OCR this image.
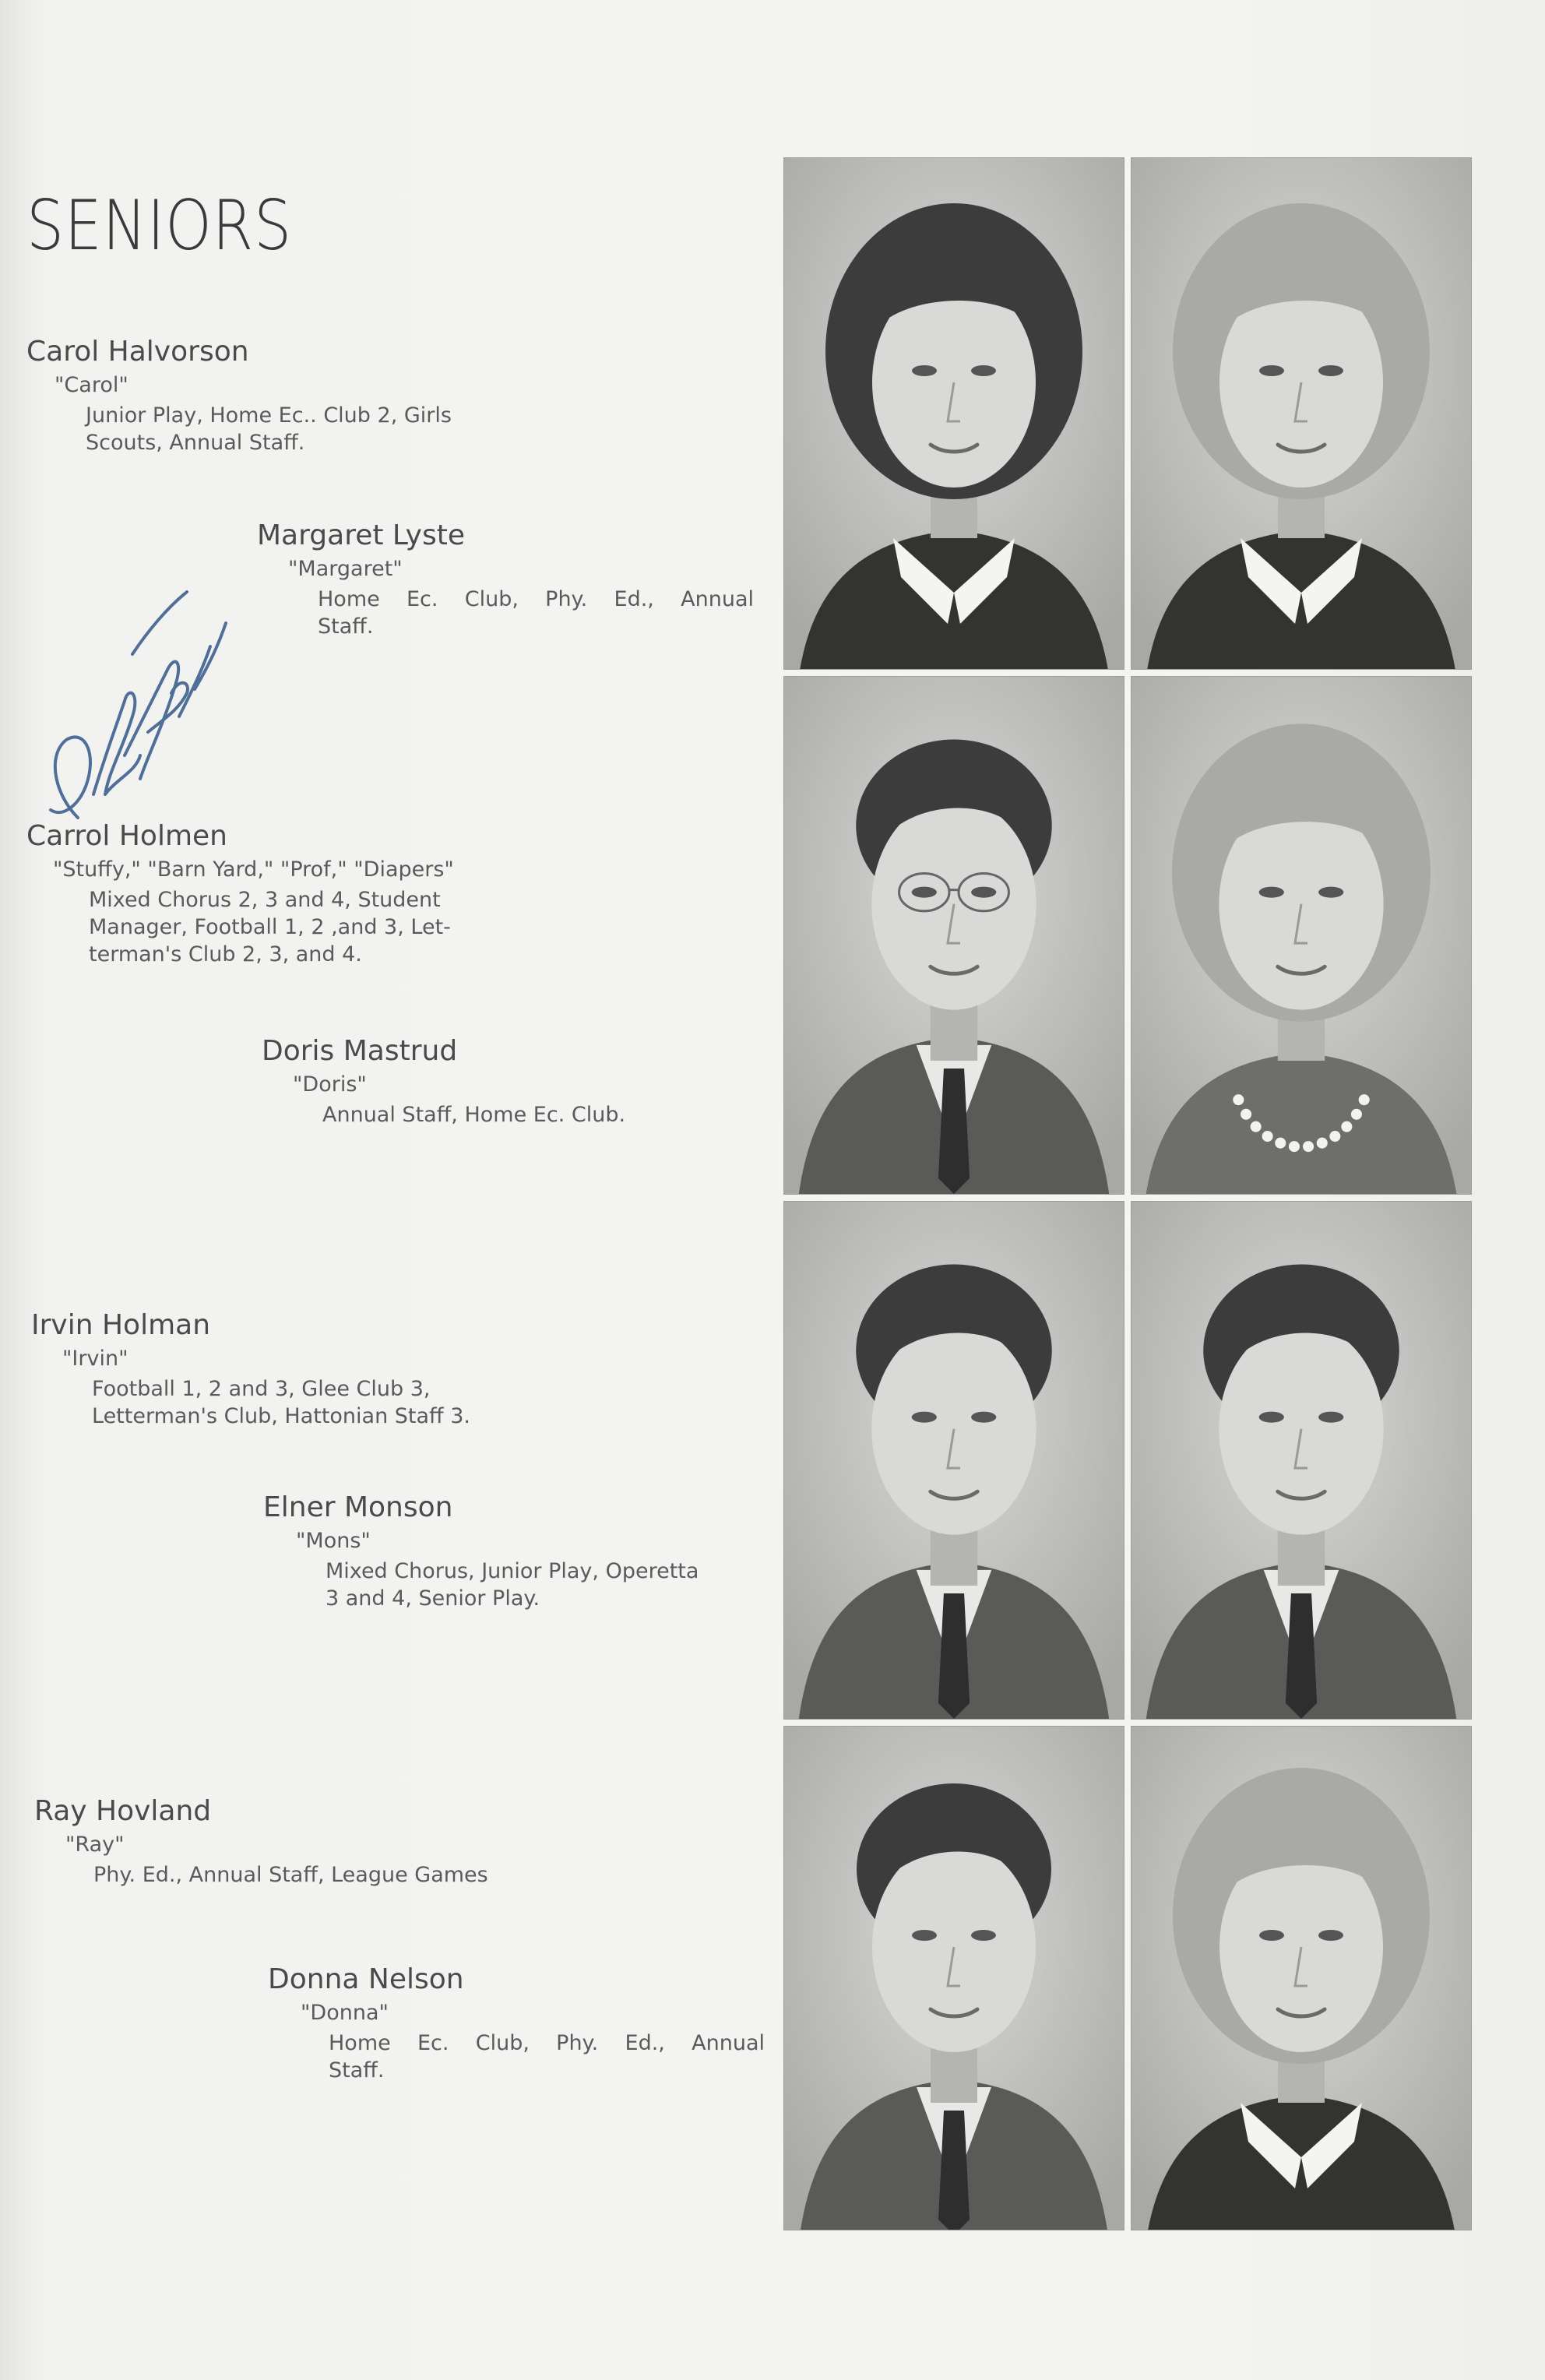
SENIORS
Carol Halvorson
"Carol"
Junior Play, Home Ec.. Club 2, Girls
Scouts, Annual Staff.
Margaret Lyste
"Margaret"
Home Ec. Club, Phy. Ed., Annual
Staff.
Carrol Holmen
"Stuffy," "Barn Yard," "Prof," "Diapers"
Mixed Chorus 2, 3 and 4, Student
Manager, Football 1, 2 ,and 3, Let-
terman's Club 2, 3, and 4.
Doris Mastrud
"Doris"
Annual Staff, Home Ec. Club.
Irvin Holman
"Irvin"
Football 1, 2 and 3, Glee Club 3,
Letterman's Club, Hattonian Staff 3.
Elner Monson
"Mons"
Mixed Chorus, Junior Play, Operetta
3 and 4, Senior Play.
Ray Hovland
"Ray"
Phy. Ed., Annual Staff, League Games
Donna Nelson
"Donna"
Home Ec. Club, Phy. Ed., Annual
Staff.
